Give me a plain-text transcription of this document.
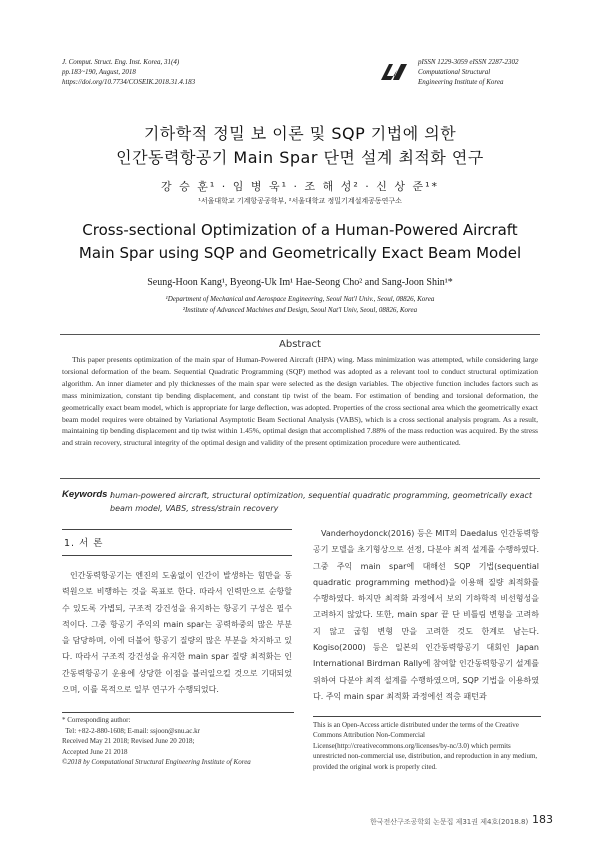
J. Comput. Struct. Eng. Inst. Korea, 31(4)
pp.183~190, August, 2018
https://doi.org/10.7734/COSEIK.2018.31.4.183
pISSN 1229-3059 eISSN 2287-2302
Computational Structural
Engineering Institute of Korea
기하학적 정밀 보 이론 및 SQP 기법에 의한
인간동력항공기 Main Spar 단면 설계 최적화 연구
강 승 훈¹ · 임 병 욱¹ · 조 해 성² · 신 상 준¹*
¹서울대학교 기계항공공학부, ²서울대학교 정밀기계설계공동연구소
Cross-sectional Optimization of a Human-Powered Aircraft
Main Spar using SQP and Geometrically Exact Beam Model
Seung-Hoon Kang¹, Byeong-Uk Im¹ Hae-Seong Cho² and Sang-Joon Shin¹*
¹Department of Mechanical and Aerospace Engineering, Seoul Nat'l Univ., Seoul, 08826, Korea
²Institute of Advanced Machines and Design, Seoul Nat'l Univ, Seoul, 08826, Korea
Abstract

This paper presents optimization of the main spar of Human-Powered Aircraft (HPA) wing. Mass minimization was attempted, while considering large torsional deformation of the beam. Sequential Quadratic Programming (SQP) method was adopted as a relevant tool to conduct structural optimization algorithm. An inner diameter and ply thicknesses of the main spar were selected as the design variables. The objective function includes factors such as mass minimization, constant tip bending displacement, and constant tip twist of the beam. For estimation of bending and torsional deformation, the geometrically exact beam model, which is appropriate for large deflection, was adopted. Properties of the cross sectional area which the geometrically exact beam model requires were obtained by Variational Asymptotic Beam Sectional Analysis (VABS), which is a cross sectional analysis program. As a result, maintaining tip bending displacement and tip twist within 1.45%, optimal design that accomplished 7.88% of the mass reduction was acquired. By the stress and strain recovery, structural integrity of the optimal design and validity of the present optimization procedure were authenticated.

Keywords :
human-powered aircraft, structural optimization, sequential quadratic programming, geometrically exact beam model, VABS, stress/strain recovery
1. 서 론

인간동력항공기는 엔진의 도움없이 인간이 발생하는 힘만을 동력원으로 비행하는 것을 목표로 한다. 따라서 인력만으로 순항할 수 있도록 가볍되, 구조적 강건성을 유지하는 항공기 구성은 필수적이다. 그중 항공기 주익의 main spar는 공력하중의 많은 부분을 담당하며, 이에 더불어 항공기 질량의 많은 부분을 차지하고 있다. 따라서 구조적 강건성을 유지한 main spar 질량 최적화는 인간동력항공기 운용에 상당한 이점을 불러일으킬 것으로 기대되었으며, 이를 목적으로 일부 연구가 수행되었다.

Vanderhoydonck(2016) 등은 MIT의 Daedalus 인간동력항공기 모델을 초기형상으로 선정, 다분야 최적 설계를 수행하였다. 그중 주익 main spar에 대해선 SQP 기법(sequential quadratic programming method)을 이용해 질량 최적화를 수행하였다. 하지만 최적화 과정에서 보의 기하학적 비선형성을 고려하지 않았다. 또한, main spar 끝 단 비틀림 변형을 고려하지 않고 굽힘 변형 만을 고려한 것도 한계로 남는다. Kogiso(2000) 등은 일본의 인간동력항공기 대회인 Japan International Birdman Rally에 참여할 인간동력항공기 설계를 위하여 다분야 최적 설계를 수행하였으며, SQP 기법을 이용하였다. 주익 main spar 최적화 과정에선 적층 패턴과

* Corresponding author:
Tel: +82-2-880-1608; E-mail: ssjoon@snu.ac.kr
Received May 21 2018; Revised June 20 2018;
Accepted June 21 2018
©2018 by Computational Structural Engineering Institute of Korea

This is an Open-Access article distributed under the terms of the Creative Commons Attribution Non-Commercial License(http://creativecommons.org/licenses/by-nc/3.0) which permits unrestricted non-commercial use, distribution, and reproduction in any medium, provided the original work is properly cited.

한국전산구조공학회 논문집 제31권 제4호(2018.8) 183
